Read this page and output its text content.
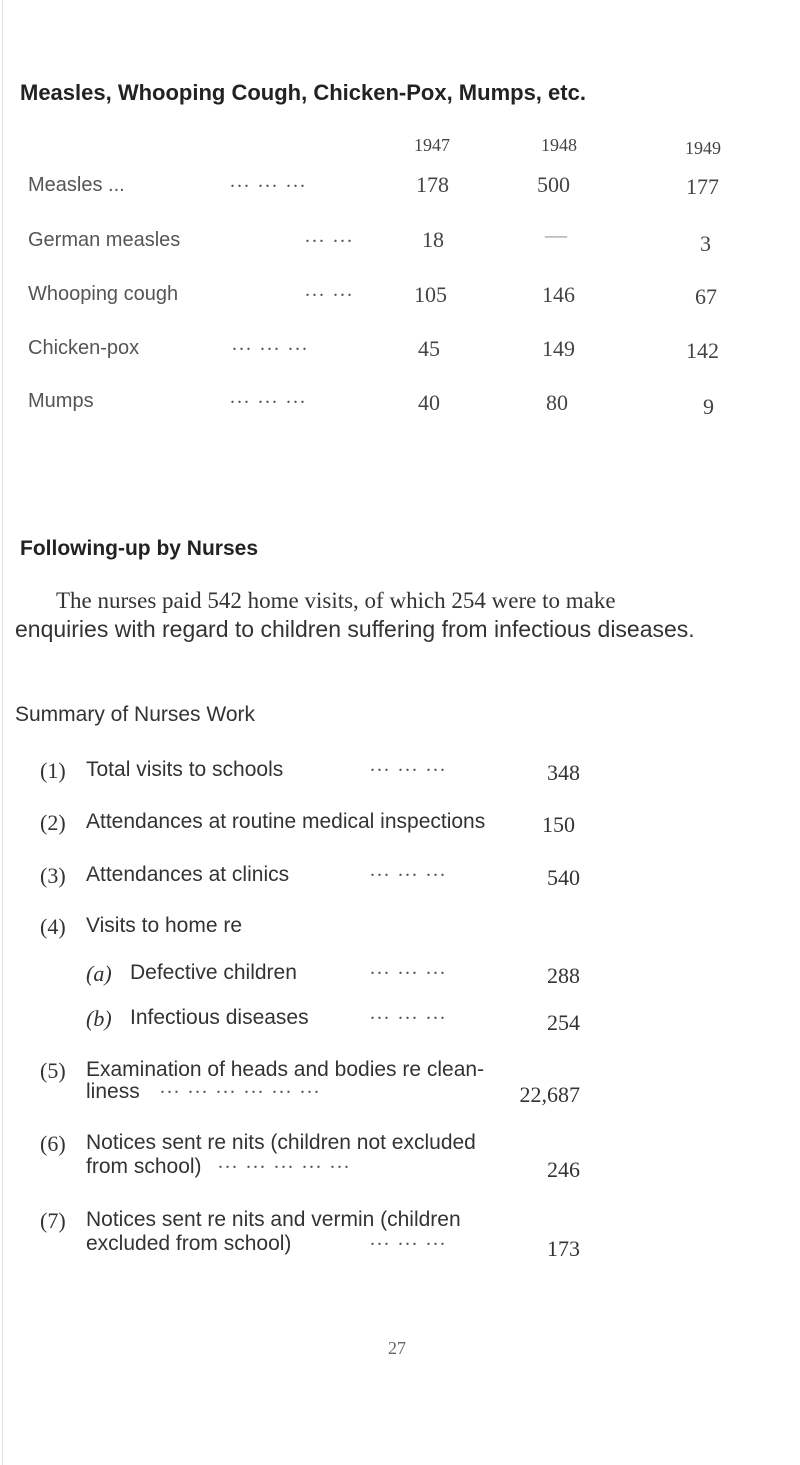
Measles, Whooping Cough, Chicken-Pox, Mumps, etc.
1947	1948	1949
Measles ...	... ... ...	178	500	177
German measles	... ...	18	—	3
Whooping cough	... ...	105	146	67
Chicken-pox	... ... ...	45	149	142
Mumps	... ... ...	40	80	9
Following-up by Nurses
The nurses paid 542 home visits, of which 254 were to make
enquiries with regard to children suffering from infectious diseases.
Summary of Nurses Work
(1) Total visits to schools	... ... ...	348
(2) Attendances at routine medical inspections	150
(3) Attendances at clinics	... ... ...	540
(4) Visits to home re
(a) Defective children	... ... ...	288
(b) Infectious diseases	... ... ...	254
(5) Examination of heads and bodies re clean-
liness ... ... ... ... ... ...	22,687
(6) Notices sent re nits (children not excluded
from school) ... ... ... ... ...	246
(7) Notices sent re nits and vermin (children
excluded from school)	... ... ...	173
27
